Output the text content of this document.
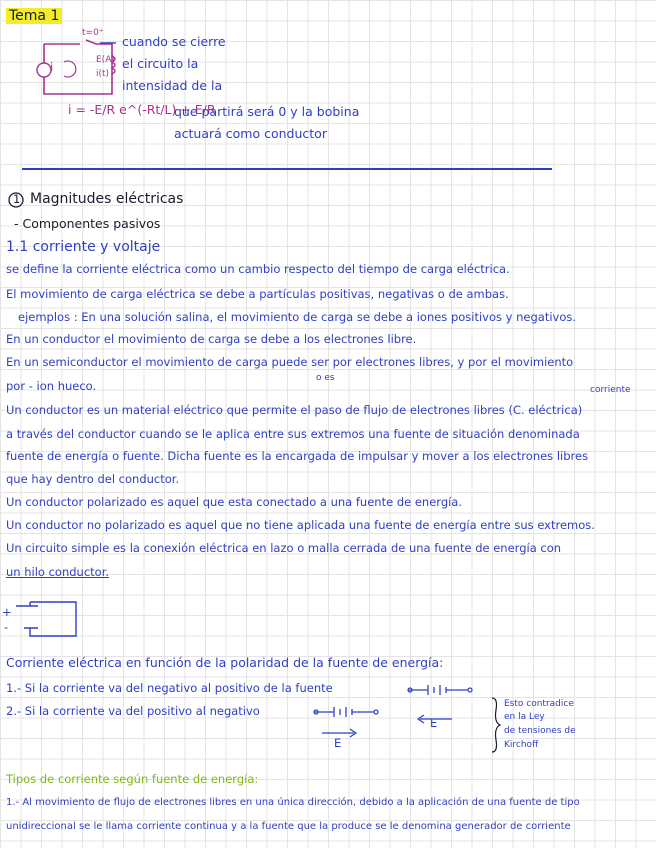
Tema 1
t=0⁺
i	E(A)
i(t)
cuando se cierre
el circuito la
intensidad de la
i = -E/R e^(-Rt/L) + E/R
que partirá será 0 y la bobina
actuará como conductor
1 Magnitudes eléctricas
- Componentes pasivos
1.1 corriente y voltaje
se define la corriente eléctrica como un cambio respecto del tiempo de carga eléctrica.
El movimiento de carga eléctrica se debe a partículas positivas, negativas o de ambas.
ejemplos : En una solución salina, el movimiento de carga se debe a iones positivos y negativos.
En un conductor el movimiento de carga se debe a los electrones libre.
En un semiconductor el movimiento de carga puede ser por electrones libres, y por el movimiento
o es
por - ion hueco.	corriente
Un conductor es un material eléctrico que permite el paso de flujo de electrones libres (C. eléctrica)
a través del conductor cuando se le aplica entre sus extremos una fuente de situación denominada
fuente de energía o fuente. Dicha fuente es la encargada de impulsar y mover a los electrones libres
que hay dentro del conductor.
Un conductor polarizado es aquel que esta conectado a una fuente de energía.
Un conductor no polarizado es aquel que no tiene aplicada una fuente de energía entre sus extremos.
Un circuito simple es la conexión eléctrica en lazo o malla cerrada de una fuente de energía con
un hilo conductor.
+
-
Corriente eléctrica en función de la polaridad de la fuente de energía:
1.- Si la corriente va del negativo al positivo de la fuente
2.- Si la corriente va del positivo al negativo
E
E
Esto contradice
en la Ley
de tensiones de
Kirchoff
Tipos de corriente según fuente de energía:
1.- Al movimiento de flujo de electrones libres en una única dirección, debido a la aplicación de una fuente de tipo
unidireccional se le llama corriente continua y a la fuente que la produce se le denomina generador de corriente
